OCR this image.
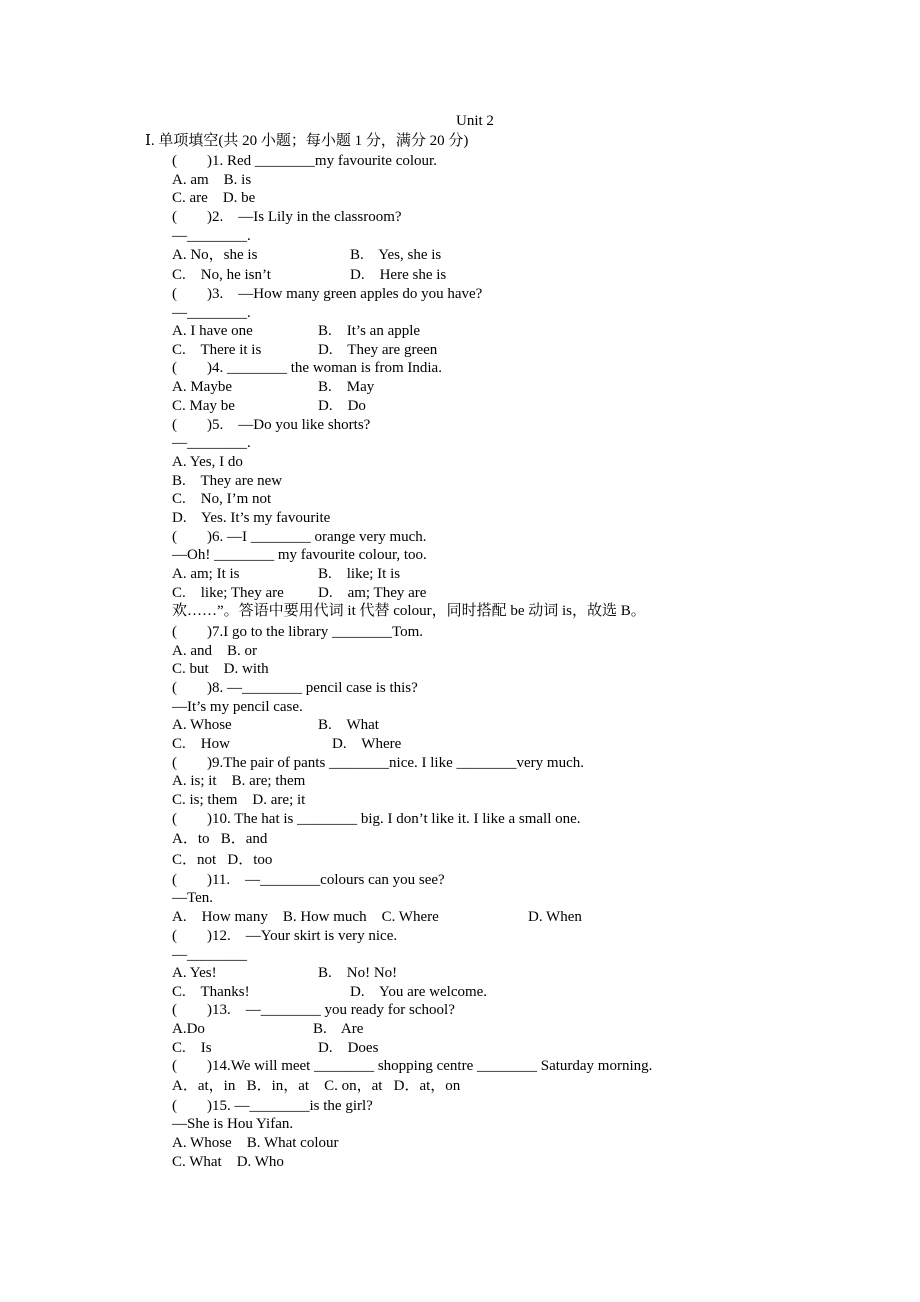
Unit 2
Ⅰ. 单项填空(共 20 小题；每小题 1 分，满分 20 分)
(        )1. Red ________my favourite colour.
A. am    B. is
C. are    D. be
(        )2.    —Is Lily in the classroom?
—________.
A. No，she is	B.    Yes, she is
C.    No, he isn’t	D.    Here she is
(        )3.    —How many green apples do you have?
—________.
A. I have one	B.    It’s an apple
C.    There it is	D.    They are green
(        )4. ________ the woman is from India.
A. Maybe	B.    May
C. May be	D.    Do
(        )5.    —Do you like shorts?
—________.
A. Yes, I do
B.    They are new
C.    No, I’m not
D.    Yes. It’s my favourite
(        )6. —I ________ orange very much.
—Oh! ________ my favourite colour, too.
A. am; It is	B.    like; It is
C.    like; They are D.    am; They are
欢……”。答语中要用代词 it 代替 colour，同时搭配 be 动词 is，故选 B。
(        )7.I go to the library ________Tom.
A. and    B. or
C. but    D. with
(        )8. —________ pencil case is this?
—It’s my pencil case.
A. Whose	B.    What
C.    How	D.    Where
(        )9.The pair of pants ________nice. I like ________very much.
A. is; it    B. are; them
C. is; them    D. are; it
(        )10. The hat is ________ big. I don’t like it. I like a small one.
A．to   B．and
C．not   D．too
(        )11.    —________colours can you see?
—Ten.
A.    How many    B. How much    C. Where	D. When
(        )12.    —Your skirt is very nice.
—________
A. Yes!	B.    No! No!
C.    Thanks!	D.    You are welcome.
(        )13.    —________ you ready for school?
A.Do	B.    Are
C.    Is	D.    Does
(        )14.We will meet ________ shopping centre ________ Saturday morning.
A．at，in   B．in，at    C. on，at   D．at，on
(        )15. —________is the girl?
—She is Hou Yifan.
A. Whose    B. What colour
C. What    D. Who
